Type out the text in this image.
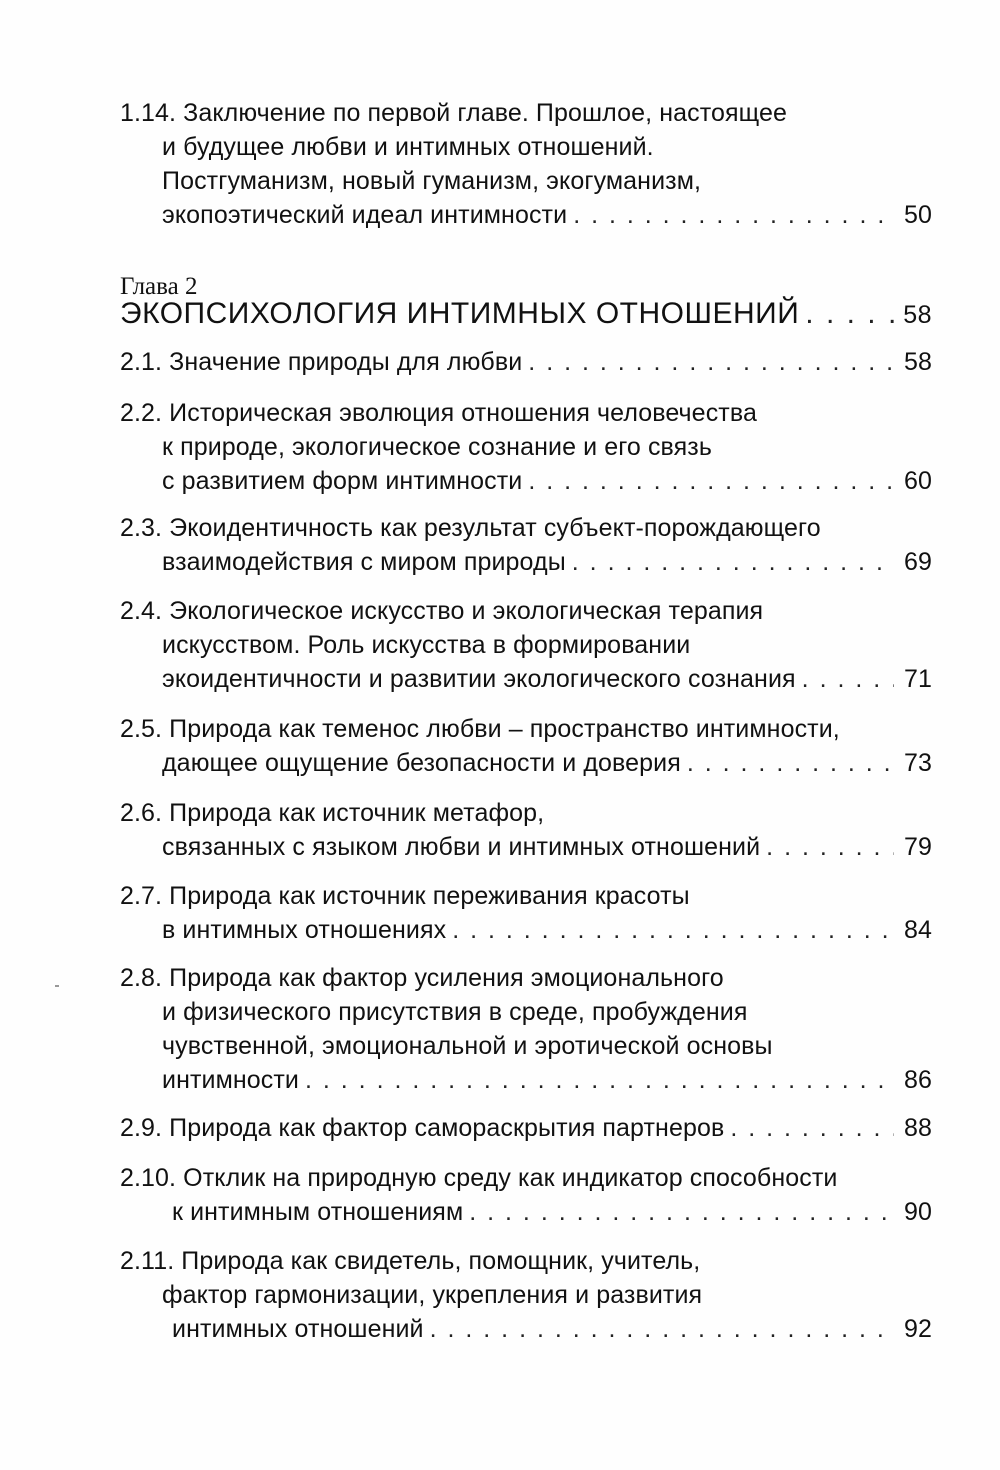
1.14. Заключение по первой главе. Прошлое, настоящее
и будущее любви и интимных отношений.
Постгуманизм, новый гуманизм, экогуманизм,
экопоэтический идеал интимности . . .	50
Глава 2
ЭКОПСИХОЛОГИЯ ИНТИМНЫХ ОТНОШЕНИЙ . . .	58
2.1. Значение природы для любви . . .	58
2.2. Историческая эволюция отношения человечества
к природе, экологическое сознание и его связь
с развитием форм интимности . . .	60
2.3. Экоидентичность как результат субъект-порождающего
взаимодействия с миром природы . . .	69
2.4. Экологическое искусство и экологическая терапия
искусством. Роль искусства в формировании
экоидентичности и развитии экологического сознания . . .	71
2.5. Природа как теменос любви – пространство интимности,
дающее ощущение безопасности и доверия . . .	73
2.6. Природа как источник метафор,
связанных с языком любви и интимных отношений . . .	79
2.7. Природа как источник переживания красоты
в интимных отношениях . . .	84
2.8. Природа как фактор усиления эмоционального
и физического присутствия в среде, пробуждения
чувственной, эмоциональной и эротической основы
интимности . . .	86
2.9. Природа как фактор самораскрытия партнеров . . .	88
2.10. Отклик на природную среду как индикатор способности
к интимным отношениям . . .	90
2.11. Природа как свидетель, помощник, учитель,
фактор гармонизации, укрепления и развития
интимных отношений . . .	92
